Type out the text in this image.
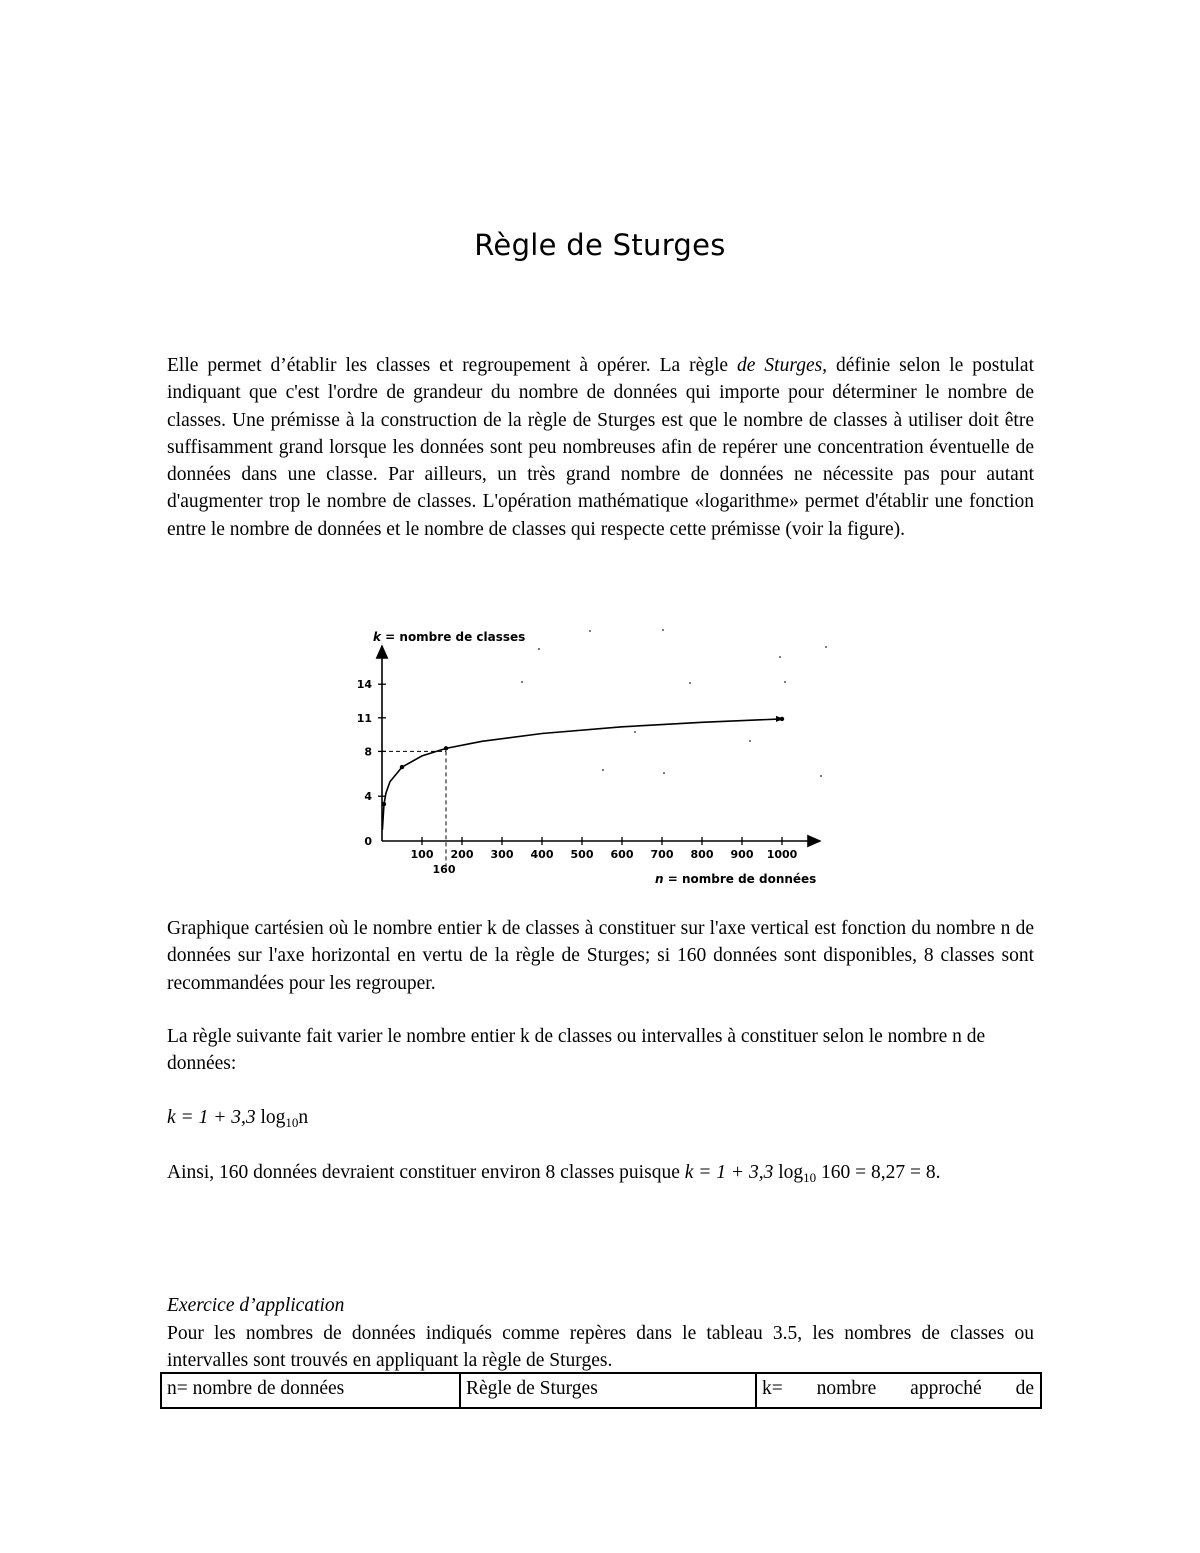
Règle de Sturges

Elle permet d’établir les classes et regroupement à opérer. La règle de Sturges, définie selon le postulat indiquant que c'est l'ordre de grandeur du nombre de données qui importe pour déterminer le nombre de classes. Une prémisse à la construction de la règle de Sturges est que le nombre de classes à utiliser doit être suffisamment grand lorsque les données sont peu nombreuses afin de repérer une concentration éventuelle de données dans une classe. Par ailleurs, un très grand nombre de données ne nécessite pas pour autant d'augmenter trop le nombre de classes. L'opération mathématique «logarithme» permet d'établir une fonction entre le nombre de données et le nombre de classes qui respecte cette prémisse (voir la figure).

k = nombre de classes
n = nombre de données
0
4
8
11
14
100 200 300 400 500 600 700 800 900 1000
160

Graphique cartésien où le nombre entier k de classes à constituer sur l'axe vertical est fonction du nombre n de données sur l'axe horizontal en vertu de la règle de Sturges; si 160 données sont disponibles, 8 classes sont recommandées pour les regrouper.

La règle suivante fait varier le nombre entier k de classes ou intervalles à constituer selon le nombre n de données:

k = 1 + 3,3 $\log_{10}n$

Ainsi, 160 données devraient constituer environ 8 classes puisque k = 1 + 3,3 $\log_{10} 160 = 8,27 = 8$.

Exercice d’application

Pour les nombres de données indiqués comme repères dans le tableau 3.5, les nombres de classes ou intervalles sont trouvés en appliquant la règle de Sturges.

n= nombre de données	Règle de Sturges	k= nombre approché de
